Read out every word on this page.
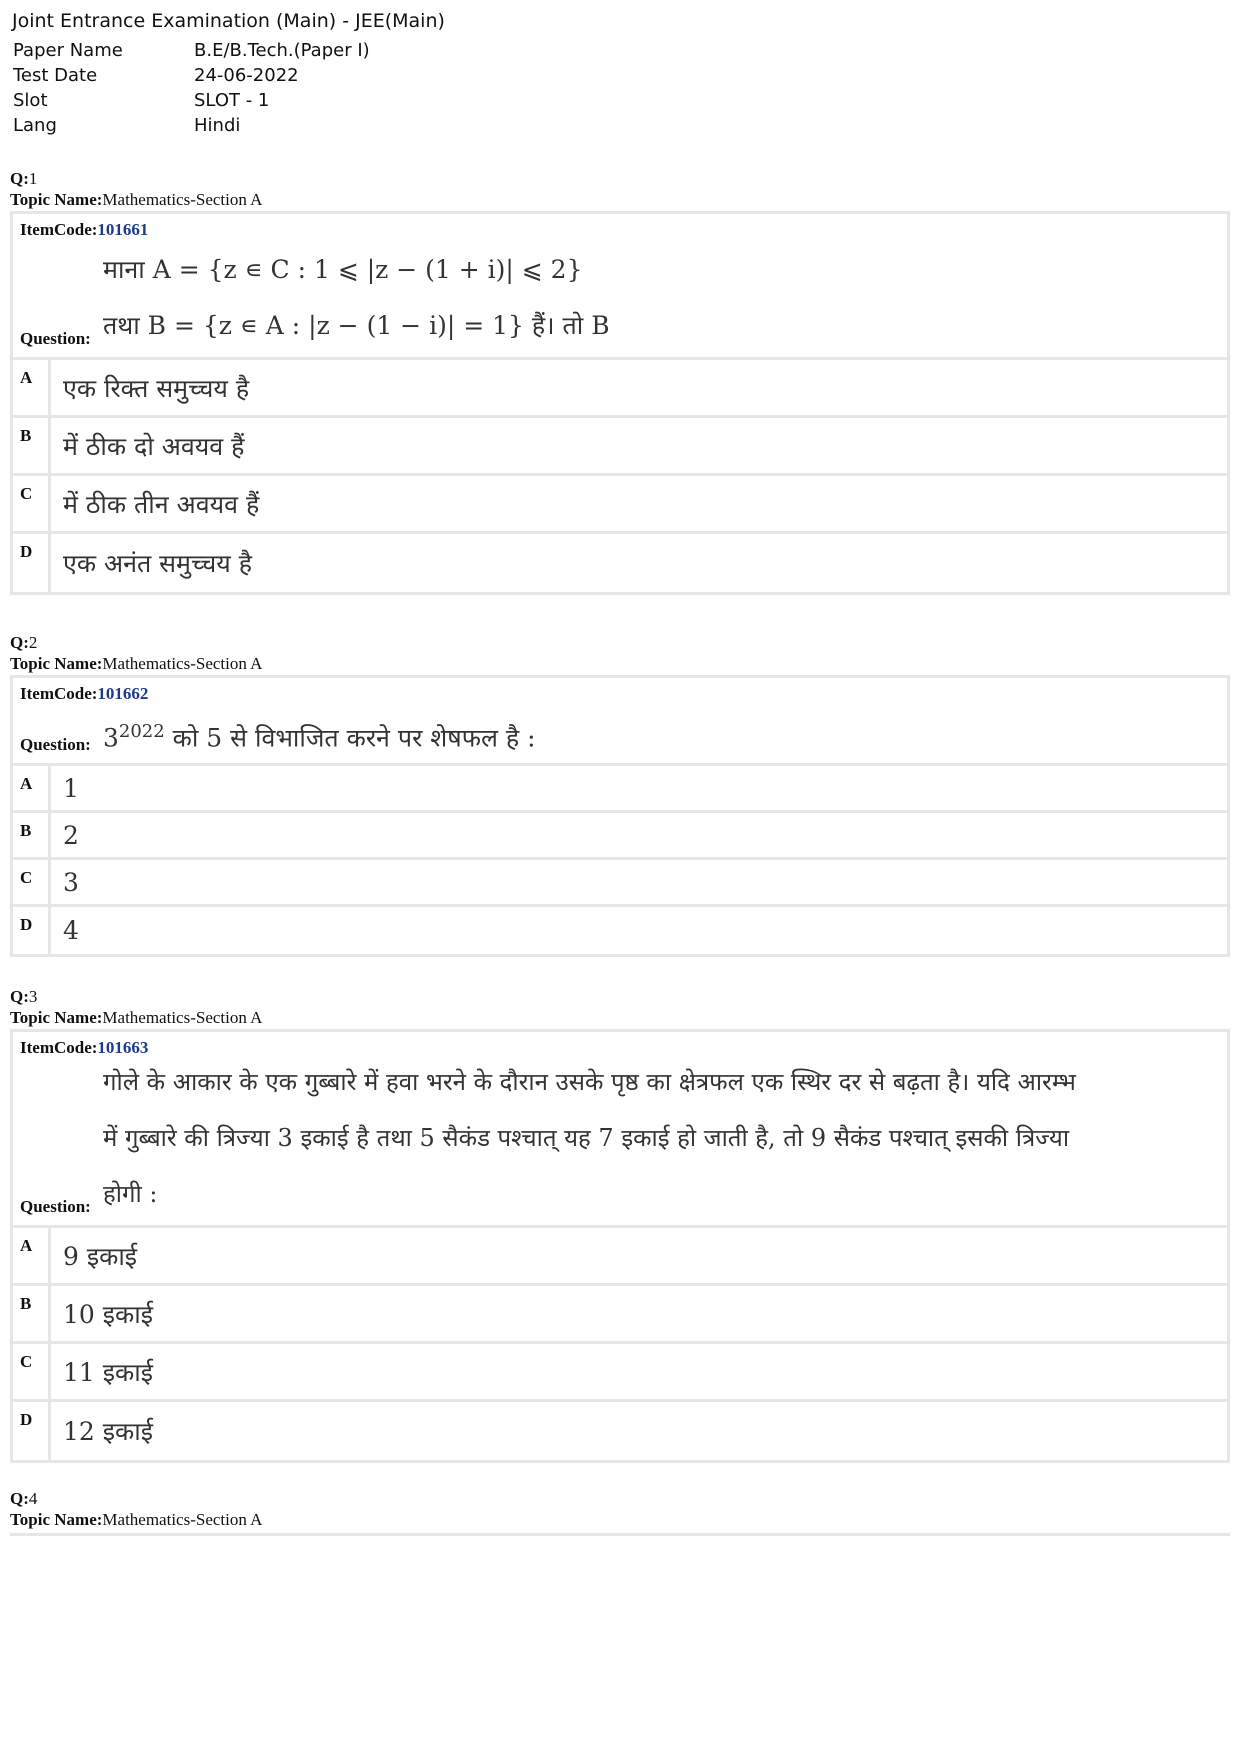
Joint Entrance Examination (Main) - JEE(Main)
Paper Name	B.E/B.Tech.(Paper I)
Test Date	24-06-2022
Slot	SLOT - 1
Lang	Hindi
Q:1
Topic Name:Mathematics-Section A
ItemCode:101661
माना A = {z ∊ C : 1 ⩽ |z − (1 + i)| ⩽ 2}
तथा B = {z ∊ A : |z − (1 − i)| = 1} हैं। तो B
Question:
A	एक रिक्त समुच्चय है
B	में ठीक दो अवयव हैं
C	में ठीक तीन अवयव हैं
D	एक अनंत समुच्चय है
Q:2
Topic Name:Mathematics-Section A
ItemCode:101662
$3^{2022}$ को 5 से विभाजित करने पर शेषफल है :
Question:
A	1
B	2
C	3
D	4
Q:3
Topic Name:Mathematics-Section A
ItemCode:101663
गोले के आकार के एक गुब्बारे में हवा भरने के दौरान उसके पृष्ठ का क्षेत्रफल एक स्थिर दर से बढ़ता है। यदि आरम्भ
में गुब्बारे की त्रिज्या 3 इकाई है तथा 5 सैकंड पश्चात् यह 7 इकाई हो जाती है, तो 9 सैकंड पश्चात् इसकी त्रिज्या
होगी :
Question:
A	9 इकाई
B	10 इकाई
C	11 इकाई
D	12 इकाई
Q:4
Topic Name:Mathematics-Section A
